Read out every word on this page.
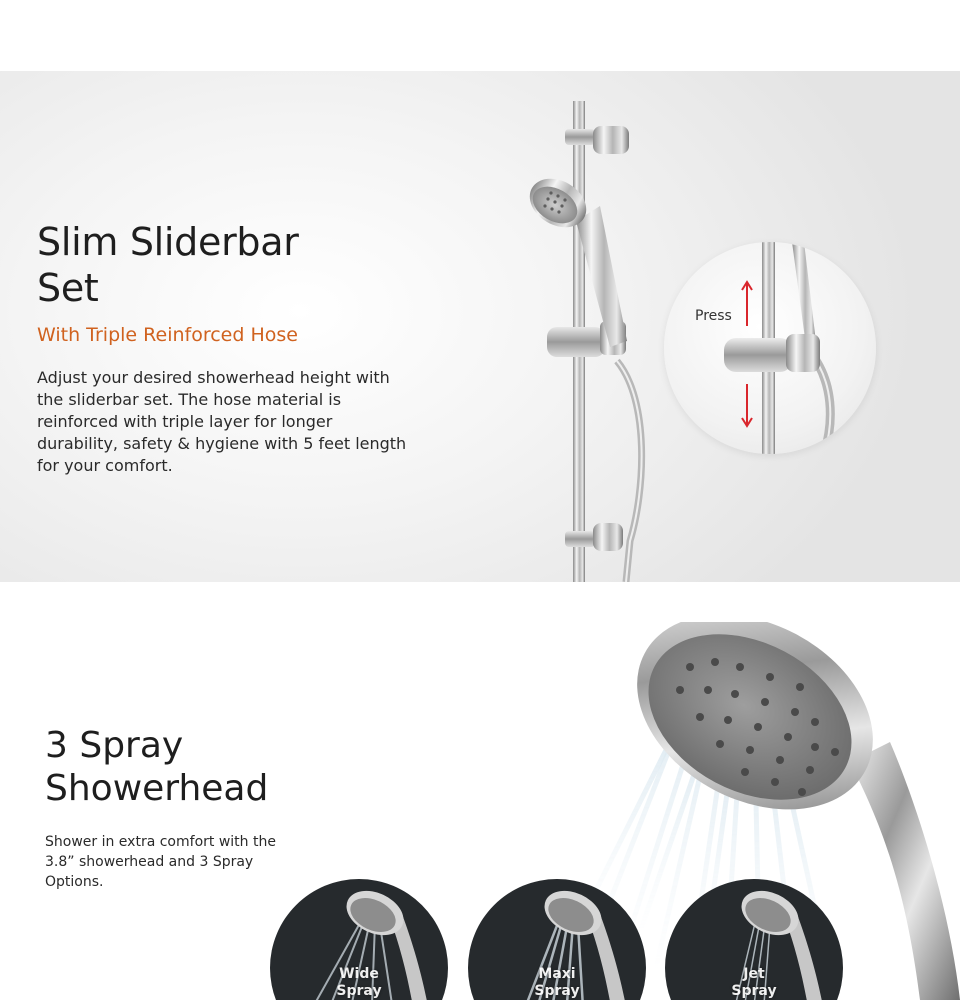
Slim Sliderbar
Set

With Triple Reinforced Hose

Adjust your desired showerhead height with the sliderbar set. The hose material is reinforced with triple layer for longer durability, safety & hygiene with 5 feet length for your comfort.

Press
3 Spray
Showerhead

Shower in extra comfort with the 3.8” showerhead and 3 Spray Options.

Wide
Spray
Maxi
Spray
Jet
Spray
